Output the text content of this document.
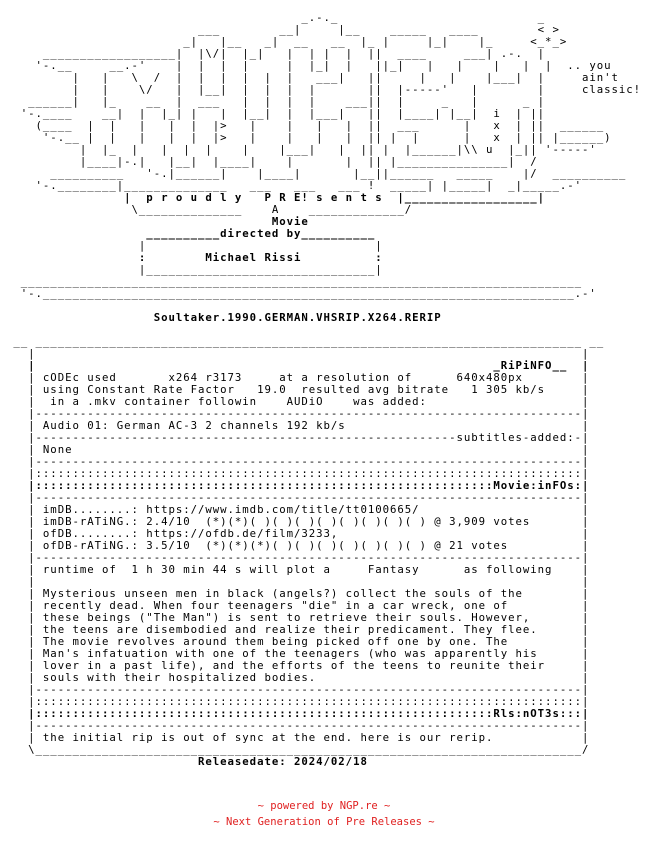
_.-._                           _
___        __|     |__    _____   ____        < >
_|   |__   _|  __   __  |_ |     |_|    |_     <_*_>
__________________|  |\/|  |_|   |  | |  |  ||  ____     ___| .-.  |
'-.__     __.-'    |  |  |  |     |  |_|  |   ||_|   |   |    |   |  |  .. you
|   |   \  /  |  |  |  |  |  |   ___|   ||     |   |    |___|  |     ain't
|   |    \/   |  |__|  |  |  |  |       ||  |-----'   |        |     classic!
______|   |_    __  |  ___   |  |  |  |    ___||  |     _   |      _ |
'-.____    __|  |  |_| |   |  |__|  |  |___|   ||  |____| |__|  i  | ||
(____  |  |   |   |  |  |>   |    |   |   |  ||  ___      |   x  | ||  ______
'-.__ |  |   |   |  |  |>   |    |   |   |  || |  |      |   x  | || |______)
|  |_  |   |  |  |    |    |___|   |  || |  |______|\\ u  |_|| '-----'
|____|-.|   |__|  |____|    |       |  || |_______________|  /
__________   '-.|______|    |____|       |__||______   _____    |/  __________
'-.________|______________   ___   ___   ___ !  _____| |_____|  _|_____.-'
|  p r o u d l y   P R E! s e n t s  |__________________|
\______________    A    _____________/
Movie
__________directed by__________
|                               |
:        Michael Rissi          :
|_______________________________|
____________________________________________________________________________
'-.________________________________________________________________________.-'

Soultaker.1990.GERMAN.VHSRIP.X264.RERIP

__ __________________________________________________________________________ __
|                                                                          |
|                                                              _RiPiNFO__  |
| cODEc used       x264 r3173     at a resolution of      640x480px        |
| using Constant Rate Factor   19.0  resulted avg bitrate   1 305 kb/s     |
|  in a .mkv container followin    AUDiO    was added:                     |
|--------------------------------------------------------------------------|
| Audio 01: German AC-3 2 channels 192 kb/s                                |
|---------------------------------------------------------subtitles-added:-|
| None                                                                     |
|--------------------------------------------------------------------------|
|::::::::::::::::::::::::::::::::::::::::::::::::::::::::::::::::::::::::::|
|::::::::::::::::::::::::::::::::::::::::::::::::::::::::::::::Movie:inFOs:|
|--------------------------------------------------------------------------|
| imDB........: https://www.imdb.com/title/tt0100665/                      |
| imDB-rATiNG.: 2.4/10  (*)(*)( )( )( )( )( )( )( )( ) @ 3,909 votes       |
| ofDB........: https://ofdb.de/film/3233,                                 |
| ofDB-rATiNG.: 3.5/10  (*)(*)(*)( )( )( )( )( )( )( ) @ 21 votes          |
|--------------------------------------------------------------------------|
| runtime of  1 h 30 min 44 s will plot a     Fantasy      as following    |
|                                                                          |
| Mysterious unseen men in black (angels?) collect the souls of the        |
| recently dead. When four teenagers "die" in a car wreck, one of          |
| these beings ("The Man") is sent to retrieve their souls. However,       |
| the teens are disembodied and realize their predicament. They flee.      |
| The movie revolves around them being picked off one by one. The          |
| Man's infatuation with one of the teenagers (who was apparently his      |
| lover in a past life), and the efforts of the teens to reunite their     |
| souls with their hospitalized bodies.                                    |
|--------------------------------------------------------------------------|
|::::::::::::::::::::::::::::::::::::::::::::::::::::::::::::::::::::::::::|
|::::::::::::::::::::::::::::::::::::::::::::::::::::::::::::::Rls:nOT3s:::|
|--------------------------------------------------------------------------|
| the initial rip is out of sync at the end. here is our rerip.            |
\__________________________________________________________________________/
Releasedate: 2024/02/18

~ powered by NGP.re ~
~ Next Generation of Pre Releases ~
